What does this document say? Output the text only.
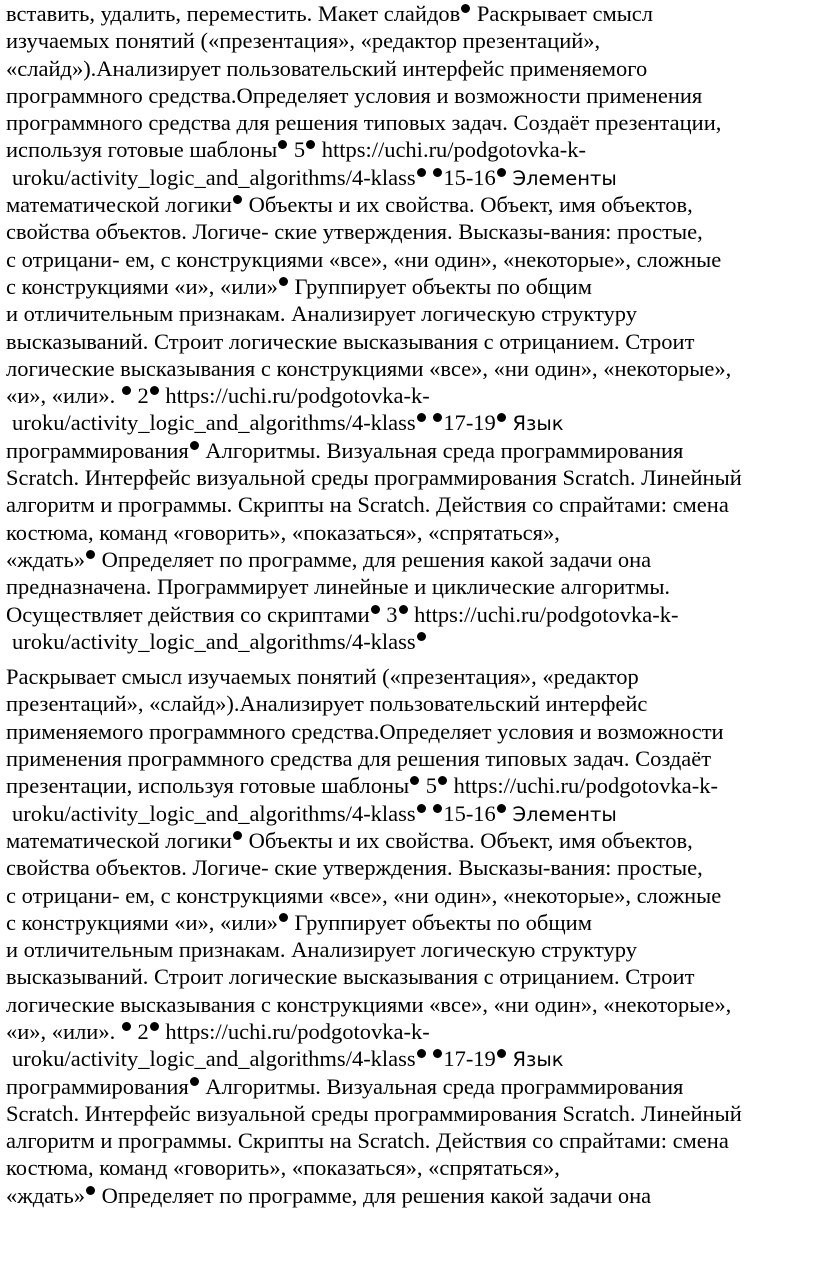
вставить, удалить, переместить. Макет слайдов Раскрывает смысл
изучаемых понятий («презентация», «редактор презентаций»,
«слайд»).Анализирует пользовательский интерфейс применяемого
программного средства.Определяет условия и возможности применения
программного средства для решения типовых задач. Создаёт презентации,
используя готовые шаблоны 5 https://uchi.ru/podgotovka-k-
uroku/activity_logic_and_algorithms/4-klass 15-16 Элементы
математической логики Объекты и их свойства. Объект, имя объектов,
свойства объектов. Логиче- ские утверждения. Высказы-вания: простые,
с отрицани- ем, с конструкциями «все», «ни один», «некоторые», сложные
с конструкциями «и», «или» Группирует объекты по общим
и отличительным признакам. Анализирует логическую структуру
высказываний. Строит логические высказывания с отрицанием. Строит
логические высказывания с конструкциями «все», «ни один», «некоторые»,
«и», «или».  2 https://uchi.ru/podgotovka-k-
uroku/activity_logic_and_algorithms/4-klass 17-19 Язык
программирования Алгоритмы. Визуальная среда программирования
Scratch. Интерфейс визуальной среды программирования Scratch. Линейный
алгоритм и программы. Скрипты на Scratch. Действия со спрайтами: смена
костюма, команд «говорить», «показаться», «спрятаться»,
«ждать» Определяет по программе, для решения какой задачи она
предназначена. Программирует линейные и циклические алгоритмы.
Осуществляет действия со скриптами 3 https://uchi.ru/podgotovka-k-
uroku/activity_logic_and_algorithms/4-klass
Раскрывает смысл изучаемых понятий («презентация», «редактор
презентаций», «слайд»).Анализирует пользовательский интерфейс
применяемого программного средства.Определяет условия и возможности
применения программного средства для решения типовых задач. Создаёт
презентации, используя готовые шаблоны 5 https://uchi.ru/podgotovka-k-
uroku/activity_logic_and_algorithms/4-klass 15-16 Элементы
математической логики Объекты и их свойства. Объект, имя объектов,
свойства объектов. Логиче- ские утверждения. Высказы-вания: простые,
с отрицани- ем, с конструкциями «все», «ни один», «некоторые», сложные
с конструкциями «и», «или» Группирует объекты по общим
и отличительным признакам. Анализирует логическую структуру
высказываний. Строит логические высказывания с отрицанием. Строит
логические высказывания с конструкциями «все», «ни один», «некоторые»,
«и», «или».  2 https://uchi.ru/podgotovka-k-
uroku/activity_logic_and_algorithms/4-klass 17-19 Язык
программирования Алгоритмы. Визуальная среда программирования
Scratch. Интерфейс визуальной среды программирования Scratch. Линейный
алгоритм и программы. Скрипты на Scratch. Действия со спрайтами: смена
костюма, команд «говорить», «показаться», «спрятаться»,
«ждать» Определяет по программе, для решения какой задачи она
